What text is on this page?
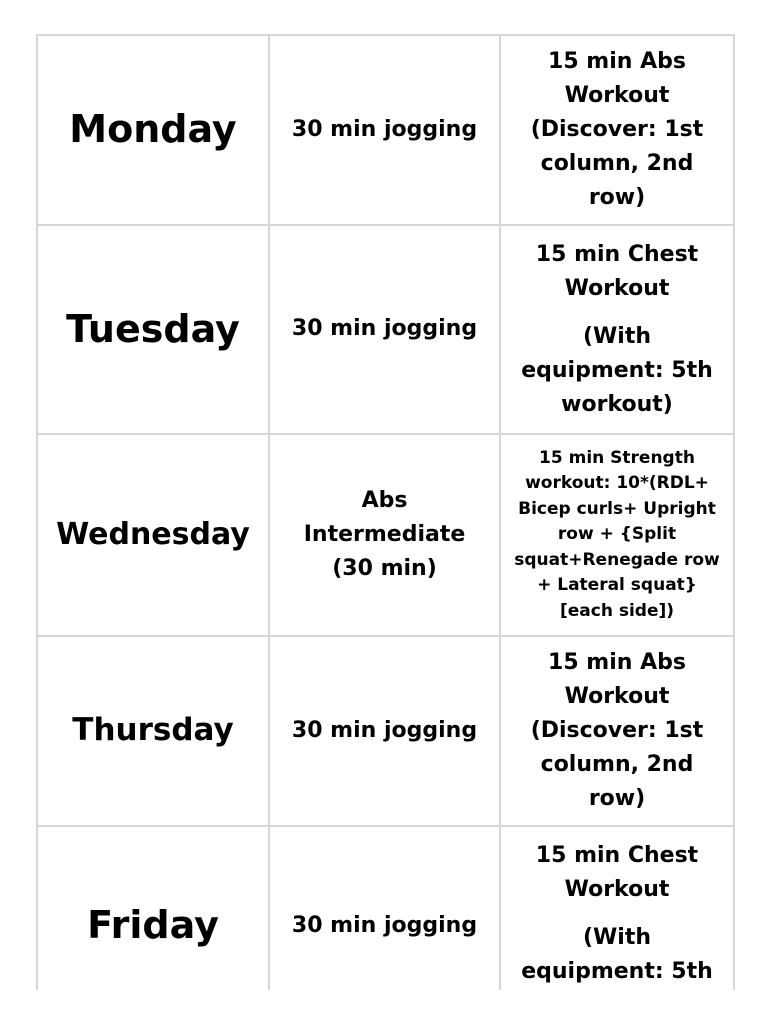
Monday	30 min jogging	15 min Abs Workout (Discover: 1st column, 2nd row)

Tuesday	30 min jogging	15 min Chest Workout
(With equipment: 5th workout)

Wednesday	Abs Intermediate (30 min)	15 min Strength workout: 10*(RDL+ Bicep curls+ Upright row + {Split squat+Renegade row + Lateral squat} [each side])

Thursday	30 min jogging	15 min Abs Workout (Discover: 1st column, 2nd row)

Friday	30 min jogging	15 min Chest Workout
(With equipment: 5th
